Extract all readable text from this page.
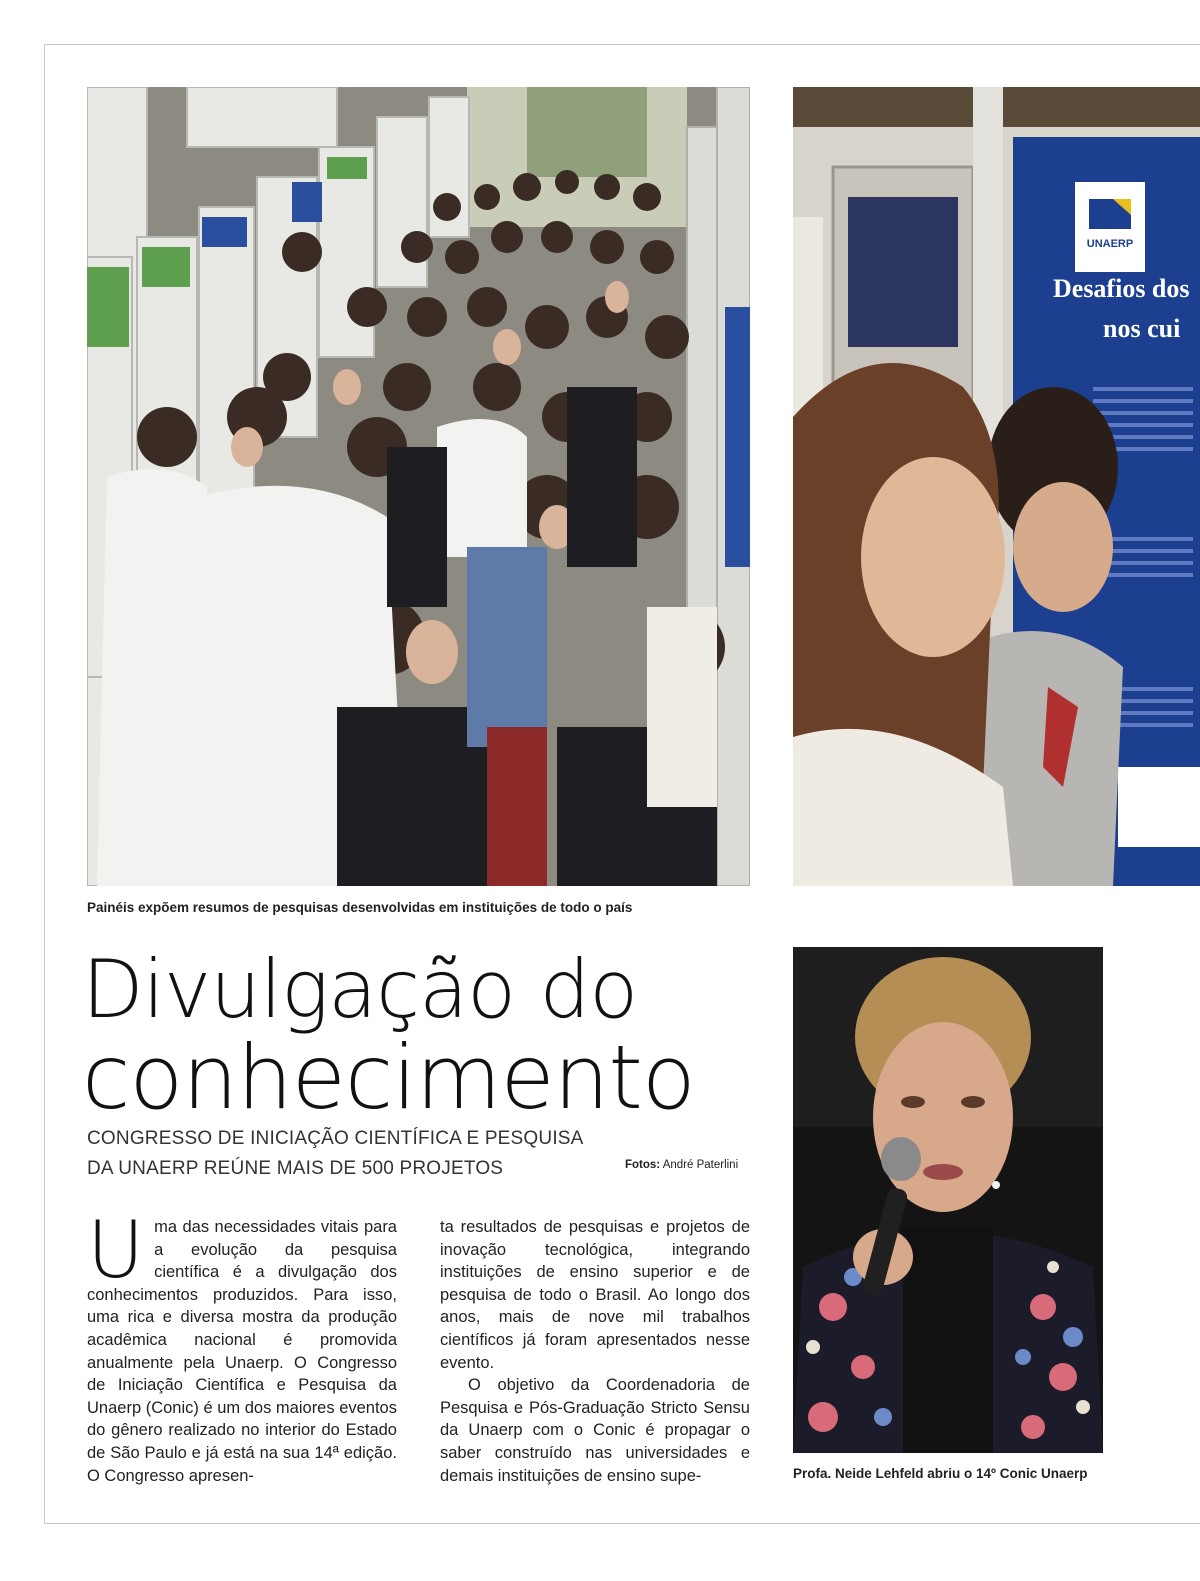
UNAERP
Desafios dos
nos cui
Painéis expõem resumos de pesquisas desenvolvidas em instituições de todo o país
Profa. Neide Lehfeld abriu o 14º Conic Unaerp
Divulgação do
conhecimento
CONGRESSO DE INICIAÇÃO CIENTÍFICA E PESQUISA
DA UNAERP REÚNE MAIS DE 500 PROJETOS	Fotos: André Paterlini
U ma das necessidades vitais para a evolução da pesquisa científica é a divulgação dos conhecimentos produzidos. Para isso, uma rica e diversa mostra da produção acadêmica nacional é promovida anualmente pela Unaerp. O Congresso de Iniciação Científica e Pesquisa da Unaerp (Conic) é um dos maiores eventos do gênero realizado no interior do Estado de São Paulo e já está na sua 14ª edição. O Congresso apresen-

ta resultados de pesquisas e projetos de inovação tecnológica, integrando instituições de ensino superior e de pesquisa de todo o Brasil. Ao longo dos anos, mais de nove mil trabalhos científicos já foram apresentados nesse evento.

O objetivo da Coordenadoria de Pesquisa e Pós-Graduação Stricto Sensu da Unaerp com o Conic é propagar o saber construído nas universidades e demais instituições de ensino supe-
